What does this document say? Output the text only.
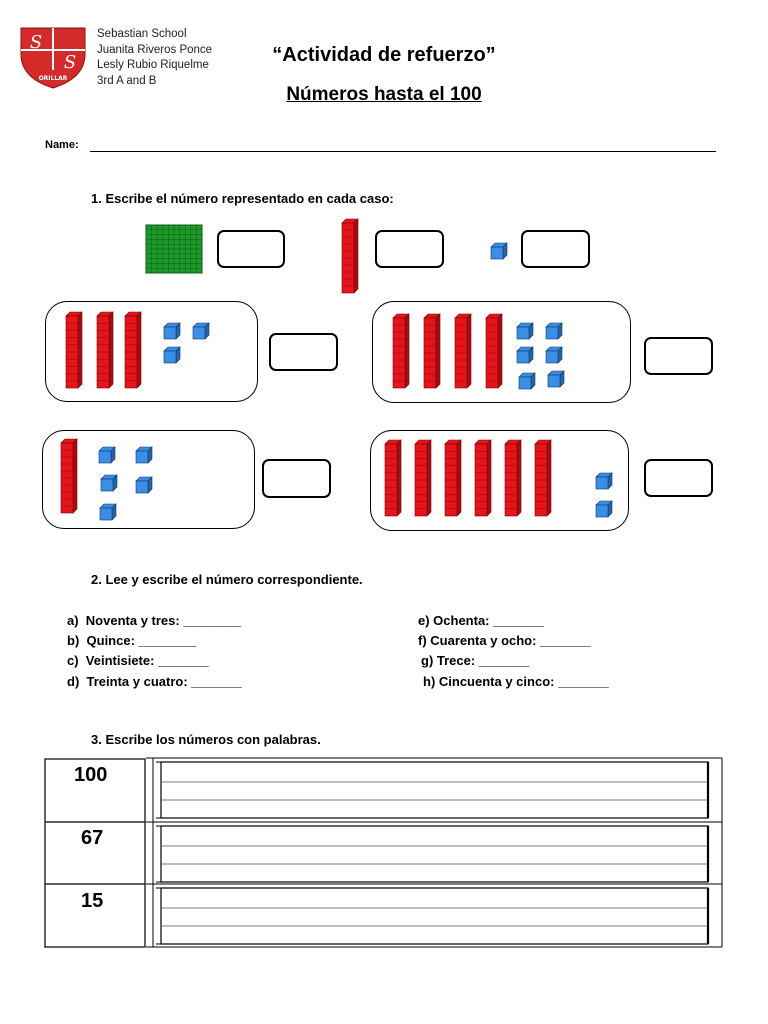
S
S
ORILLAR
Sebastian School
Juanita Riveros Ponce
Lesly Rubio Riquelme
3rd A and B
“Actividad de refuerzo”
Números hasta el 100
Name:
1. Escribe el número representado en cada caso:
2. Lee y escribe el número correspondiente.
a) Noventa y tres: ________
b) Quince: ________
c) Veintisiete: _______
d) Treinta y cuatro: _______
e) Ochenta: _______
f) Cuarenta y ocho: _______
g) Trece: _______
h) Cincuenta y cinco: _______
3. Escribe los números con palabras.
100
67
15
